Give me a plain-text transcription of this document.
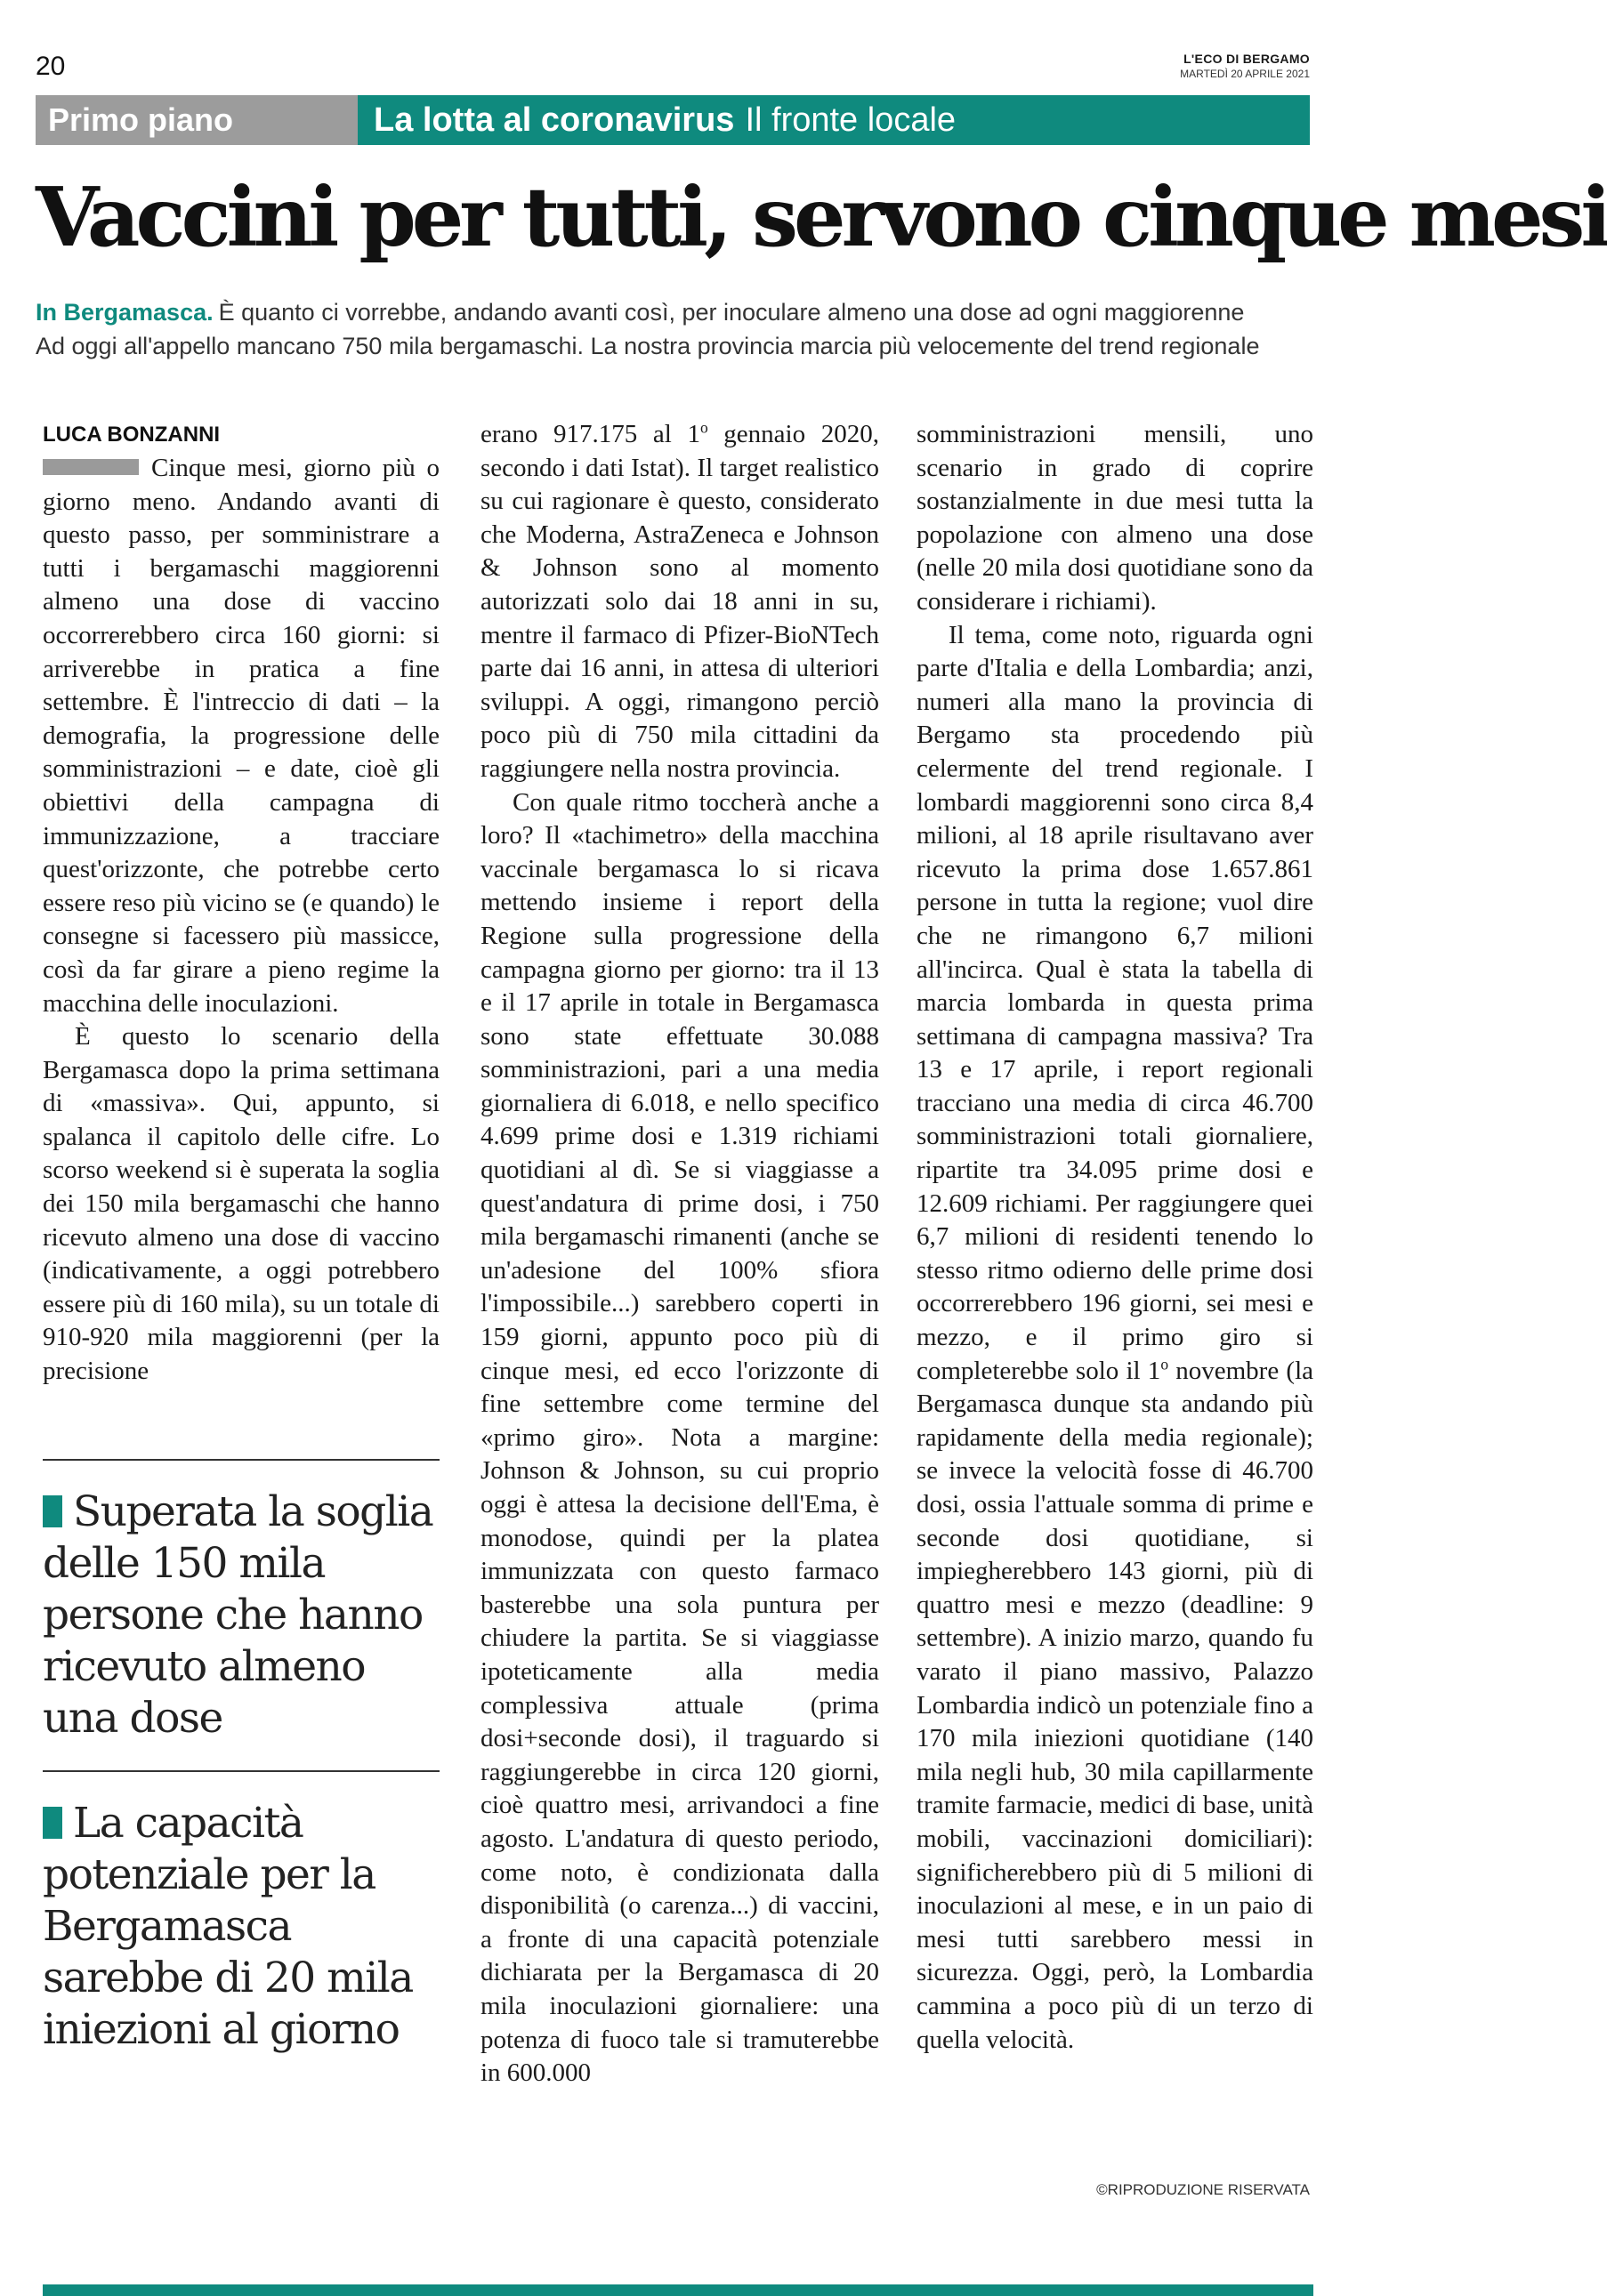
20	L'ECO DI BERGAMO
MARTEDÌ 20 APRILE 2021
Primo piano	La lotta al coronavirus Il fronte locale
Vaccini per tutti, servono cinque mesi
In Bergamasca. È quanto ci vorrebbe, andando avanti così, per inoculare almeno una dose ad ogni maggiorenne
Ad oggi all'appello mancano 750 mila bergamaschi. La nostra provincia marcia più velocemente del trend regionale
LUCA BONZANNI

Cinque mesi, giorno più o giorno meno. Andando avanti di questo passo, per somministrare a tutti i bergamaschi maggiorenni almeno una dose di vaccino occorrerebbero circa 160 giorni: si arriverebbe in pratica a fine settembre. È l'intreccio di dati – la demografia, la progressione delle somministrazioni – e date, cioè gli obiettivi della campagna di immunizzazione, a tracciare quest'orizzonte, che potrebbe certo essere reso più vicino se (e quando) le consegne si facessero più massicce, così da far girare a pieno regime la macchina delle inoculazioni.

È questo lo scenario della Bergamasca dopo la prima settimana di «massiva». Qui, appunto, si spalanca il capitolo delle cifre. Lo scorso weekend si è superata la soglia dei 150 mila bergamaschi che hanno ricevuto almeno una dose di vaccino (indicativamente, a oggi potrebbero essere più di 160 mila), su un totale di 910-920 mila maggiorenni (per la precisione

Superata la soglia delle 150 mila persone che hanno ricevuto almeno una dose
La capacità potenziale per la Bergamasca sarebbe di 20 mila iniezioni al giorno

erano 917.175 al 1$^o$ gennaio 2020, secondo i dati Istat). Il target realistico su cui ragionare è questo, considerato che Moderna, AstraZeneca e Johnson & Johnson sono al momento autorizzati solo dai 18 anni in su, mentre il farmaco di Pfizer-BioNTech parte dai 16 anni, in attesa di ulteriori sviluppi. A oggi, rimangono perciò poco più di 750 mila cittadini da raggiungere nella nostra provincia.

Con quale ritmo toccherà anche a loro? Il «tachimetro» della macchina vaccinale bergamasca lo si ricava mettendo insieme i report della Regione sulla progressione della campagna giorno per giorno: tra il 13 e il 17 aprile in totale in Bergamasca sono state effettuate 30.088 somministrazioni, pari a una media giornaliera di 6.018, e nello specifico 4.699 prime dosi e 1.319 richiami quotidiani al dì. Se si viaggiasse a quest'andatura di prime dosi, i 750 mila bergamaschi rimanenti (anche se un'adesione del 100% sfiora l'impossibile...) sarebbero coperti in 159 giorni, appunto poco più di cinque mesi, ed ecco l'orizzonte di fine settembre come termine del «primo giro». Nota a margine: Johnson & Johnson, su cui proprio oggi è attesa la decisione dell'Ema, è monodose, quindi per la platea immunizzata con questo farmaco basterebbe una sola puntura per chiudere la partita. Se si viaggiasse ipoteticamente alla media complessiva attuale (prima dosi+seconde dosi), il traguardo si raggiungerebbe in circa 120 giorni, cioè quattro mesi, arrivandoci a fine agosto. L'andatura di questo periodo, come noto, è condizionata dalla disponibilità (o carenza...) di vaccini, a fronte di una capacità potenziale dichiarata per la Bergamasca di 20 mila inoculazioni giornaliere: una potenza di fuoco tale si tramuterebbe in 600.000

somministrazioni mensili, uno scenario in grado di coprire sostanzialmente in due mesi tutta la popolazione con almeno una dose (nelle 20 mila dosi quotidiane sono da considerare i richiami).

Il tema, come noto, riguarda ogni parte d'Italia e della Lombardia; anzi, numeri alla mano la provincia di Bergamo sta procedendo più celermente del trend regionale. I lombardi maggiorenni sono circa 8,4 milioni, al 18 aprile risultavano aver ricevuto la prima dose 1.657.861 persone in tutta la regione; vuol dire che ne rimangono 6,7 milioni all'incirca. Qual è stata la tabella di marcia lombarda in questa prima settimana di campagna massiva? Tra 13 e 17 aprile, i report regionali tracciano una media di circa 46.700 somministrazioni totali giornaliere, ripartite tra 34.095 prime dosi e 12.609 richiami. Per raggiungere quei 6,7 milioni di residenti tenendo lo stesso ritmo odierno delle prime dosi occorrerebbero 196 giorni, sei mesi e mezzo, e il primo giro si completerebbe solo il 1$^o$ novembre (la Bergamasca dunque sta andando più rapidamente della media regionale); se invece la velocità fosse di 46.700 dosi, ossia l'attuale somma di prime e seconde dosi quotidiane, si impiegherebbero 143 giorni, più di quattro mesi e mezzo (deadline: 9 settembre). A inizio marzo, quando fu varato il piano massivo, Palazzo Lombardia indicò un potenziale fino a 170 mila iniezioni quotidiane (140 mila negli hub, 30 mila capillarmente tramite farmacie, medici di base, unità mobili, vaccinazioni domiciliari): significherebbero più di 5 milioni di inoculazioni al mese, e in un paio di mesi tutti sarebbero messi in sicurezza. Oggi, però, la Lombardia cammina a poco più di un terzo di quella velocità.

©RIPRODUZIONE RISERVATA
